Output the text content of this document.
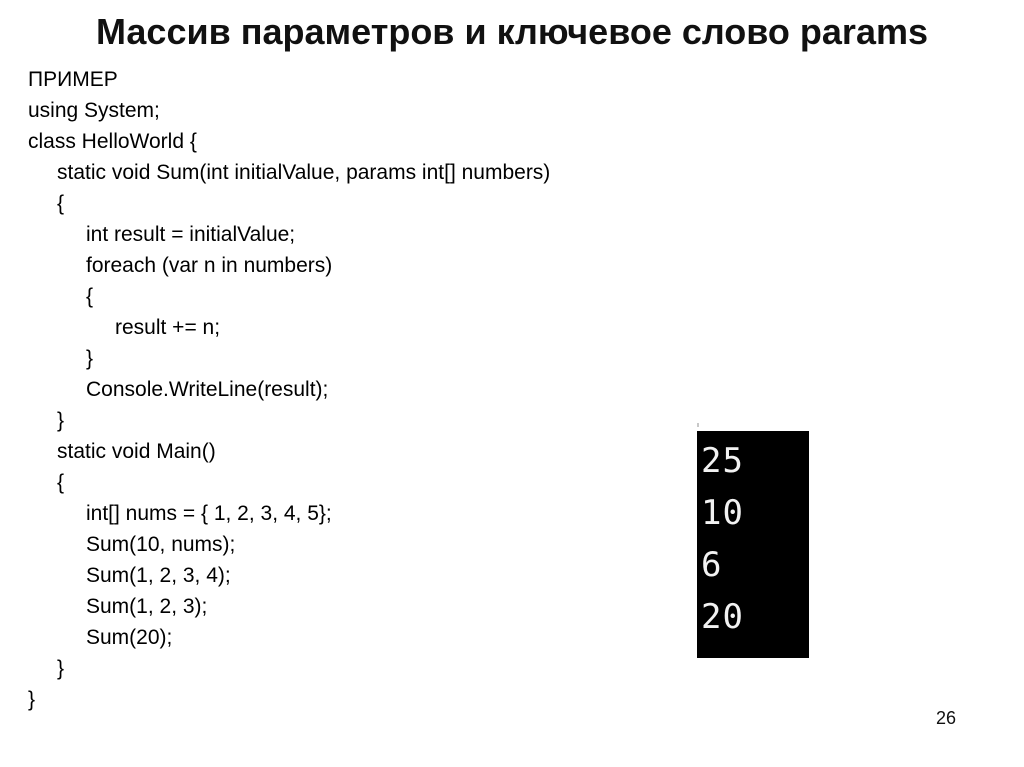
Массив параметров и ключевое слово params
ПРИМЕР
using System;
class HelloWorld {
static void Sum(int initialValue, params int[] numbers)
{
int result = initialValue;
foreach (var n in numbers)
{
result += n;
}
Console.WriteLine(result);
}
static void Main()
{
int[] nums = { 1, 2, 3, 4, 5};
Sum(10, nums);
Sum(1, 2, 3, 4);
Sum(1, 2, 3);
Sum(20);
}
}
25
10
6
20
26
